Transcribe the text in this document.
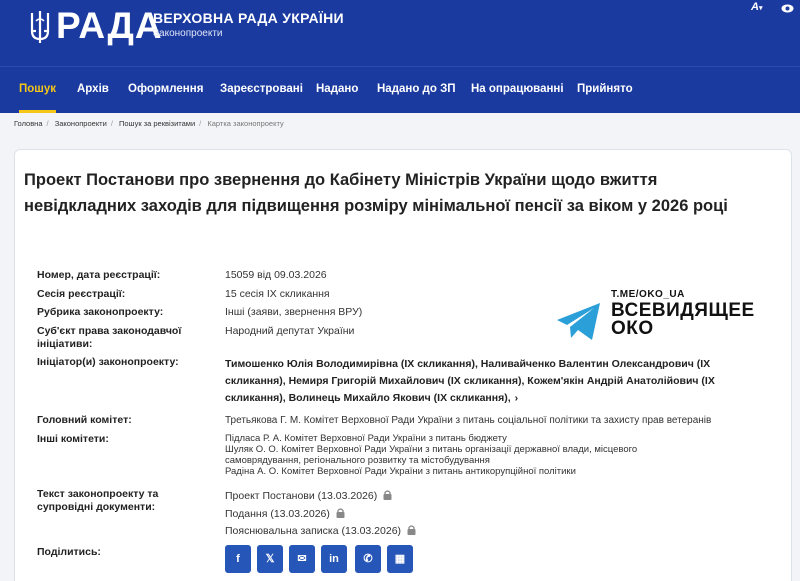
РАДА
ВЕРХОВНА РАДА УКРАЇНИ
Законопроекти
A▾
Пошук Архів Оформлення Зареєстровані Надано Надано до ЗП На опрацюванні Прийнято
Головна / Законопроекти / Пошук за реквізитами / Картка законопроекту
Проект Постанови про звернення до Кабінету Міністрів України щодо вжиття невідкладних заходів для підвищення розміру мінімальної пенсії за віком у 2026 році
Номер, дата реєстрації:	15059 від 09.03.2026
Сесія реєстрації:	15 сесія IX скликання
Рубрика законопроекту:	Інші (заяви, звернення ВРУ)
Суб'єкт права законодавчої
ініціативи:
Народний депутат України
Ініціатор(и) законопроекту:	Тимошенко Юлія Володимирівна (IX скликання), Наливайченко Валентин Олександрович (IX
скликання), Немиря Григорій Михайлович (IX скликання), Кожем'якін Андрій Анатолійович (IX
скликання), Волинець Михайло Якович (IX скликання), ›
Головний комітет:	Третьякова Г. М. Комітет Верховної Ради України з питань соціальної політики та захисту прав ветеранів
Інші комітети:	Підласа Р. А. Комітет Верховної Ради України з питань бюджету
Шуляк О. О. Комітет Верховної Ради України з питань організації державної влади, місцевого
самоврядування, регіонального розвитку та містобудування
Радіна А. О. Комітет Верховної Ради України з питань антикорупційної політики
Текст законопроекту та
супровідні документи:
Проект Постанови (13.03.2026)
Подання (13.03.2026)
Пояснювальна записка (13.03.2026)
Поділитись:
f	𝕏	✉	in	✆	▦
T.ME/OKO_UA
ВСЕВИДЯЩЕЕ
ОКО
